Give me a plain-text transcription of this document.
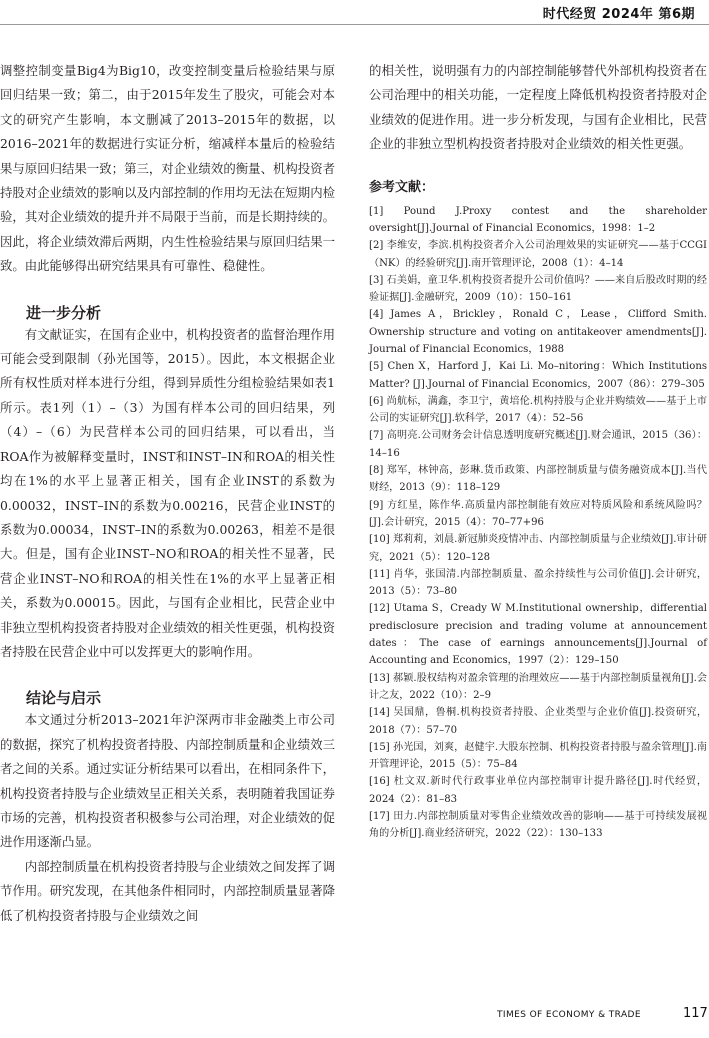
时代经贸 2024年 第6期

调整控制变量Big4为Big10，改变控制变量后检验结果与原回归结果一致；第二，由于2015年发生了股灾，可能会对本文的研究产生影响，本文删减了2013–2015年的数据，以2016–2021年的数据进行实证分析，缩减样本量后的检验结果与原回归结果一致；第三，对企业绩效的衡量、机构投资者持股对企业绩效的影响以及内部控制的作用均无法在短期内检验，其对企业绩效的提升并不局限于当前，而是长期持续的。因此，将企业绩效滞后两期，内生性检验结果与原回归结果一致。由此能够得出研究结果具有可靠性、稳健性。

进一步分析

有文献证实，在国有企业中，机构投资者的监督治理作用可能会受到限制（孙光国等，2015）。因此，本文根据企业所有权性质对样本进行分组，得到异质性分组检验结果如表1所示。表1列（1）–（3）为国有样本公司的回归结果，列（4）–（6）为民营样本公司的回归结果，可以看出，当ROA作为被解释变量时，INST和INST–IN和ROA的相关性均在1%的水平上显著正相关，国有企业INST的系数为0.00032，INST–IN的系数为0.00216，民营企业INST的系数为0.00034，INST–IN的系数为0.00263，相差不是很大。但是，国有企业INST–NO和ROA的相关性不显著，民营企业INST–NO和ROA的相关性在1%的水平上显著正相关，系数为0.00015。因此，与国有企业相比，民营企业中非独立型机构投资者持股对企业绩效的相关性更强，机构投资者持股在民营企业中可以发挥更大的影响作用。

结论与启示

本文通过分析2013–2021年沪深两市非金融类上市公司的数据，探究了机构投资者持股、内部控制质量和企业绩效三者之间的关系。通过实证分析结果可以看出，在相同条件下，机构投资者持股与企业绩效呈正相关关系，表明随着我国证券市场的完善，机构投资者积极参与公司治理，对企业绩效的促进作用逐渐凸显。

内部控制质量在机构投资者持股与企业绩效之间发挥了调节作用。研究发现，在其他条件相同时，内部控制质量显著降低了机构投资者持股与企业绩效之间

的相关性，说明强有力的内部控制能够替代外部机构投资者在公司治理中的相关功能，一定程度上降低机构投资者持股对企业绩效的促进作用。进一步分析发现，与国有企业相比，民营企业的非独立型机构投资者持股对企业绩效的相关性更强。

参考文献：

[1] Pound J.Proxy contest and the shareholder oversight[J].Journal of Financial Economics，1998：1–2

[2] 李维安，李滨.机构投资者介入公司治理效果的实证研究——基于CCGI（NK）的经验研究[J].南开管理评论，2008（1）：4–14

[3] 石美娟，童卫华.机构投资者提升公司价值吗？——来自后股改时期的经验证据[J].金融研究，2009（10）：150–161

[4] James A，Brickley，Ronald C，Lease，Clifford Smith. Ownership structure and voting on antitakeover amendments[J]. Journal of Financial Economics，1988

[5] Chen X，Harford J，Kai Li. Mo–nitoring：Which Institutions Matter? [J].Journal of Financial Economics，2007（86）：279–305

[6] 尚航标，满鑫，李卫宁，黄培伦.机构持股与企业并购绩效——基于上市公司的实证研究[J].软科学，2017（4）：52–56

[7] 高明亮.公司财务会计信息透明度研究概述[J].财会通讯，2015（36）：14–16

[8] 郑军，林钟高，彭琳.货币政策、内部控制质量与债务融资成本[J].当代财经，2013（9）：118–129

[9] 方红星，陈作华.高质量内部控制能有效应对特质风险和系统风险吗？[J].会计研究，2015（4）：70–77+96

[10] 郑莉莉，刘晨.新冠肺炎疫情冲击、内部控制质量与企业绩效[J].审计研究，2021（5）：120–128

[11] 肖华，张国清.内部控制质量、盈余持续性与公司价值[J].会计研究，2013（5）：73–80

[12] Utama S，Cready W M.Institutional ownership，differential predisclosure precision and trading volume at announcement dates：The case of earnings announcements[J].Journal of Accounting and Economics，1997（2）：129–150

[13] 郝颖.股权结构对盈余管理的治理效应——基于内部控制质量视角[J].会计之友，2022（10）：2–9

[14] 吴国鼎，鲁桐.机构投资者持股、企业类型与企业价值[J].投资研究，2018（7）：57–70

[15] 孙光国，刘爽，赵健宇.大股东控制、机构投资者持股与盈余管理[J].南开管理评论，2015（5）：75–84

[16] 杜文双.新时代行政事业单位内部控制审计提升路径[J].时代经贸，2024（2）：81–83

[17] 田力.内部控制质量对零售企业绩效改善的影响——基于可持续发展视角的分析[J].商业经济研究，2022（22）：130–133

TIMES OF ECONOMY & TRADE	117
